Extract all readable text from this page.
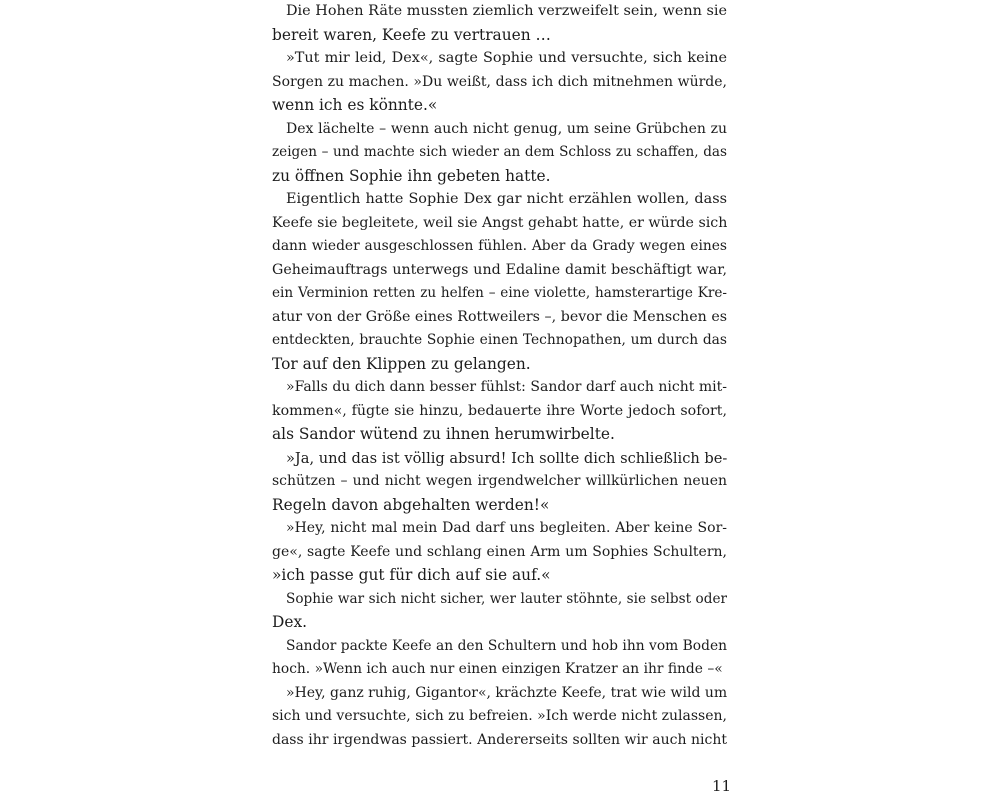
Die Hohen Räte mussten ziemlich verzweifelt sein, wenn sie
bereit waren, Keefe zu vertrauen …
»Tut mir leid, Dex«, sagte Sophie und versuchte, sich keine
Sorgen zu machen. »Du weißt, dass ich dich mitnehmen würde,
wenn ich es könnte.«
Dex lächelte – wenn auch nicht genug, um seine Grübchen zu
zeigen – und machte sich wieder an dem Schloss zu schaffen, das
zu öffnen Sophie ihn gebeten hatte.
Eigentlich hatte Sophie Dex gar nicht erzählen wollen, dass
Keefe sie begleitete, weil sie Angst gehabt hatte, er würde sich
dann wieder ausgeschlossen fühlen. Aber da Grady wegen eines
Geheimauftrags unterwegs und Edaline damit beschäftigt war,
ein Verminion retten zu helfen – eine violette, hamsterartige Kre-
atur von der Größe eines Rottweilers –, bevor die Menschen es
entdeckten, brauchte Sophie einen Technopathen, um durch das
Tor auf den Klippen zu gelangen.
»Falls du dich dann besser fühlst: Sandor darf auch nicht mit-
kommen«, fügte sie hinzu, bedauerte ihre Worte jedoch sofort,
als Sandor wütend zu ihnen herumwirbelte.
»Ja, und das ist völlig absurd! Ich sollte dich schließlich be-
schützen – und nicht wegen irgendwelcher willkürlichen neuen
Regeln davon abgehalten werden!«
»Hey, nicht mal mein Dad darf uns begleiten. Aber keine Sor-
ge«, sagte Keefe und schlang einen Arm um Sophies Schultern,
»ich passe gut für dich auf sie auf.«
Sophie war sich nicht sicher, wer lauter stöhnte, sie selbst oder
Dex.
Sandor packte Keefe an den Schultern und hob ihn vom Boden
hoch. »Wenn ich auch nur einen einzigen Kratzer an ihr finde –«
»Hey, ganz ruhig, Gigantor«, krächzte Keefe, trat wie wild um
sich und versuchte, sich zu befreien. »Ich werde nicht zulassen,
dass ihr irgendwas passiert. Andererseits sollten wir auch nicht
11
